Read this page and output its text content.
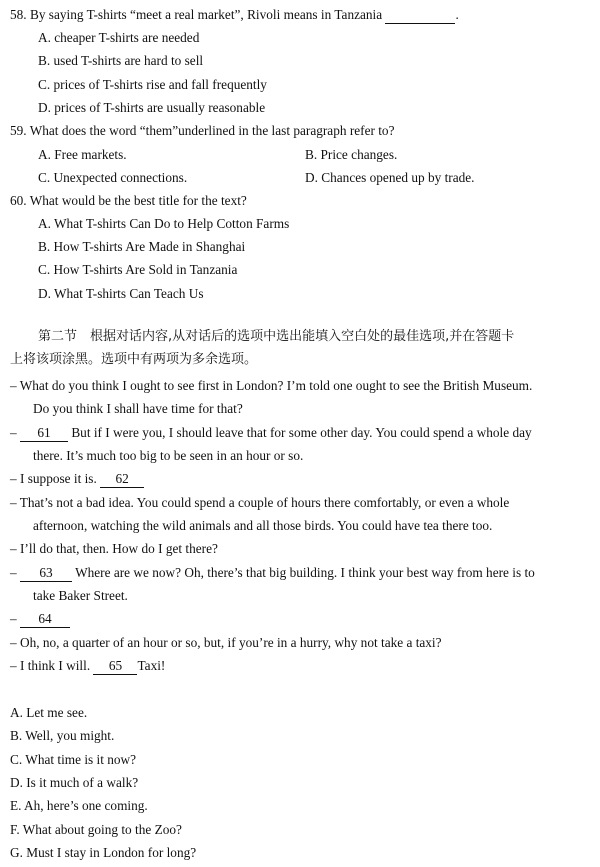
58. By saying T-shirts “meet a real market”, Rivoli means in Tanzania	.
A. cheaper T-shirts are needed
B. used T-shirts are hard to sell
C. prices of T-shirts rise and fall frequently
D. prices of T-shirts are usually reasonable
59. What does the word “them”underlined in the last paragraph refer to?
A. Free markets.	B. Price changes.
C. Unexpected connections.	D. Chances opened up by trade.
60. What would be the best title for the text?
A. What T-shirts Can Do to Help Cotton Farms
B. How T-shirts Are Made in Shanghai
C. How T-shirts Are Sold in Tanzania
D. What T-shirts Can Teach Us
第二节　根据对话内容,从对话后的选项中选出能填入空白处的最佳选项,并在答题卡
上将该项涂黑。选项中有两项为多余选项。
– What do you think I ought to see first in London? I’m told one ought to see the British Museum.
Do you think I shall have time for that?
– 61 But if I were you, I should leave that for some other day. You could spend a whole day
there. It’s much too big to be seen in an hour or so.
– I suppose it is. 62
– That’s not a bad idea. You could spend a couple of hours there comfortably, or even a whole
afternoon, watching the wild animals and all those birds. You could have tea there too.
– I’ll do that, then. How do I get there?
– 63 Where are we now? Oh, there’s that big building. I think your best way from here is to
take Baker Street.
– 64
– Oh, no, a quarter of an hour or so, but, if you’re in a hurry, why not take a taxi?
– I think I will. 65 Taxi!
A. Let me see.
B. Well, you might.
C. What time is it now?
D. Is it much of a walk?
E. Ah, here’s one coming.
F. What about going to the Zoo?
G. Must I stay in London for long?
